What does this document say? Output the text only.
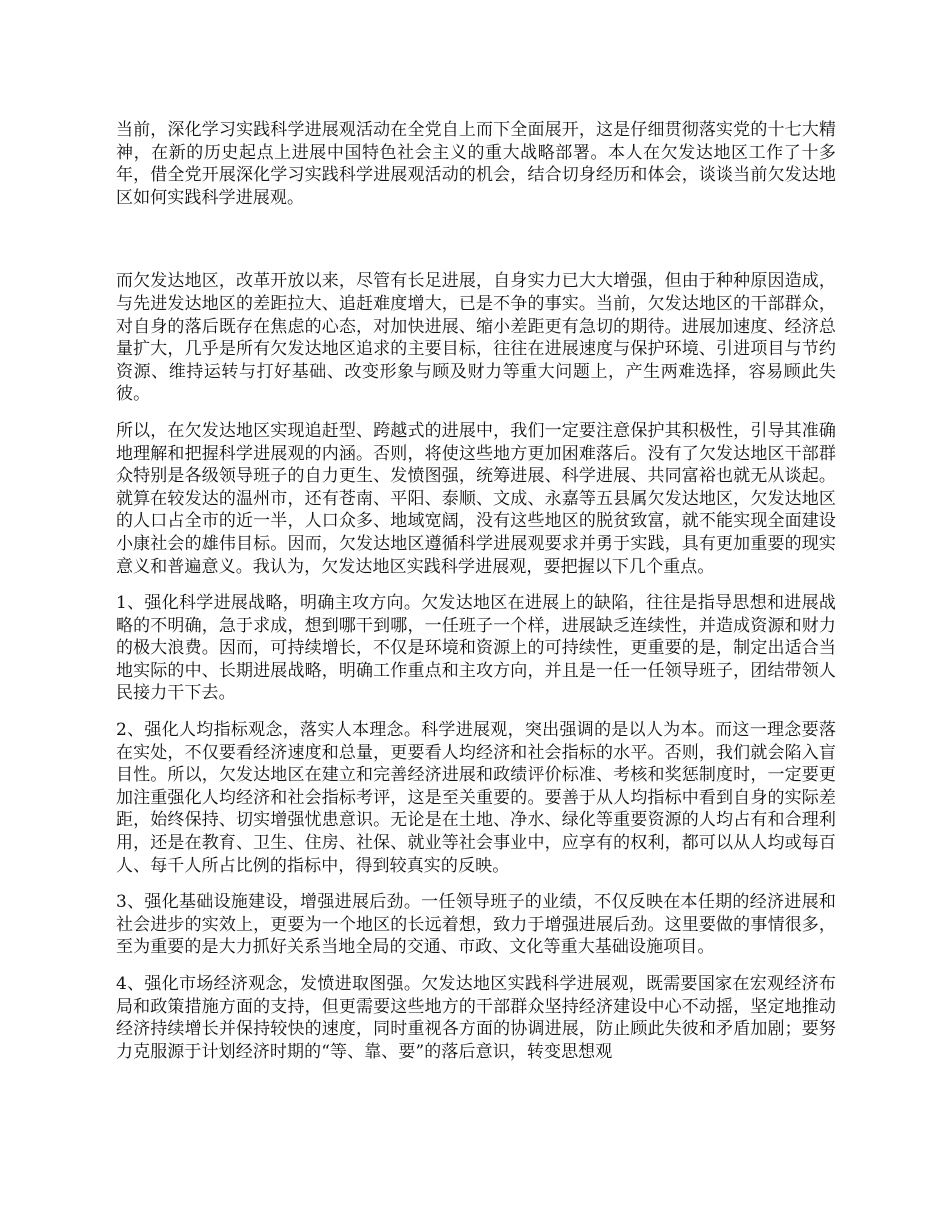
当前，深化学习实践科学进展观活动在全党自上而下全面展开，这是仔细贯彻落实党的十七大精神，在新的历史起点上进展中国特色社会主义的重大战略部署。本人在欠发达地区工作了十多年，借全党开展深化学习实践科学进展观活动的机会，结合切身经历和体会，谈谈当前欠发达地区如何实践科学进展观。

而欠发达地区，改革开放以来，尽管有长足进展，自身实力已大大增强，但由于种种原因造成，与先进发达地区的差距拉大、追赶难度增大，已是不争的事实。当前，欠发达地区的干部群众，对自身的落后既存在焦虑的心态，对加快进展、缩小差距更有急切的期待。进展加速度、经济总量扩大，几乎是所有欠发达地区追求的主要目标，往往在进展速度与保护环境、引进项目与节约资源、维持运转与打好基础、改变形象与顾及财力等重大问题上，产生两难选择，容易顾此失彼。

所以，在欠发达地区实现追赶型、跨越式的进展中，我们一定要注意保护其积极性，引导其准确地理解和把握科学进展观的内涵。否则，将使这些地方更加困难落后。没有了欠发达地区干部群众特别是各级领导班子的自力更生、发愤图强，统筹进展、科学进展、共同富裕也就无从谈起。就算在较发达的温州市，还有苍南、平阳、泰顺、文成、永嘉等五县属欠发达地区，欠发达地区的人口占全市的近一半，人口众多、地域宽阔，没有这些地区的脱贫致富，就不能实现全面建设小康社会的雄伟目标。因而，欠发达地区遵循科学进展观要求并勇于实践，具有更加重要的现实意义和普遍意义。我认为，欠发达地区实践科学进展观，要把握以下几个重点。

1、强化科学进展战略，明确主攻方向。欠发达地区在进展上的缺陷，往往是指导思想和进展战略的不明确，急于求成，想到哪干到哪，一任班子一个样，进展缺乏连续性，并造成资源和财力的极大浪费。因而，可持续增长，不仅是环境和资源上的可持续性，更重要的是，制定出适合当地实际的中、长期进展战略，明确工作重点和主攻方向，并且是一任一任领导班子，团结带领人民接力干下去。

2、强化人均指标观念，落实人本理念。科学进展观，突出强调的是以人为本。而这一理念要落在实处，不仅要看经济速度和总量，更要看人均经济和社会指标的水平。否则，我们就会陷入盲目性。所以，欠发达地区在建立和完善经济进展和政绩评价标准、考核和奖惩制度时，一定要更加注重强化人均经济和社会指标考评，这是至关重要的。要善于从人均指标中看到自身的实际差距，始终保持、切实增强忧患意识。无论是在土地、净水、绿化等重要资源的人均占有和合理利用，还是在教育、卫生、住房、社保、就业等社会事业中，应享有的权利，都可以从人均或每百人、每千人所占比例的指标中，得到较真实的反映。

3、强化基础设施建设，增强进展后劲。一任领导班子的业绩，不仅反映在本任期的经济进展和社会进步的实效上，更要为一个地区的长远着想，致力于增强进展后劲。这里要做的事情很多，至为重要的是大力抓好关系当地全局的交通、市政、文化等重大基础设施项目。

4、强化市场经济观念，发愤进取图强。欠发达地区实践科学进展观，既需要国家在宏观经济布局和政策措施方面的支持，但更需要这些地方的干部群众坚持经济建设中心不动摇，坚定地推动经济持续增长并保持较快的速度，同时重视各方面的协调进展，防止顾此失彼和矛盾加剧；要努力克服源于计划经济时期的“等、靠、要”的落后意识，转变思想观
